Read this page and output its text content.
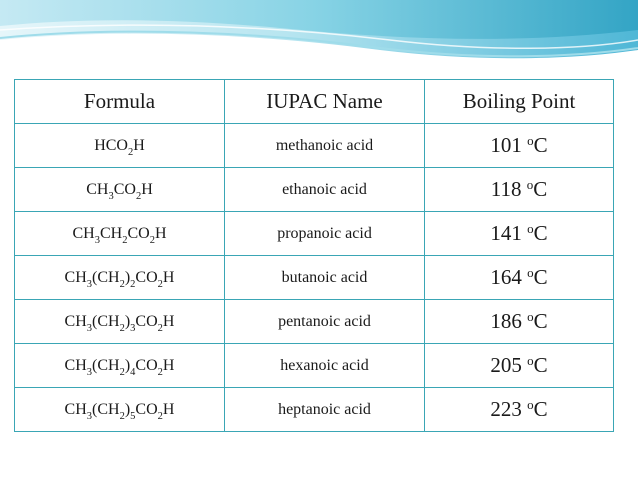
Formula	IUPAC Name	Boiling Point
$HCO_2H$	methanoic acid	101 $^o$C
$CH_3CO_2H$	ethanoic acid	118 $^o$C
$CH_3CH_2CO_2H$	propanoic acid	141 $^o$C
$CH_3(CH_2)_2CO_2H$	butanoic acid	164 $^o$C
$CH_3(CH_2)_3CO_2H$	pentanoic acid	186 $^o$C
$CH_3(CH_2)_4CO_2H$	hexanoic acid	205 $^o$C
$CH_3(CH_2)_5CO_2H$	heptanoic acid	223 $^o$C
